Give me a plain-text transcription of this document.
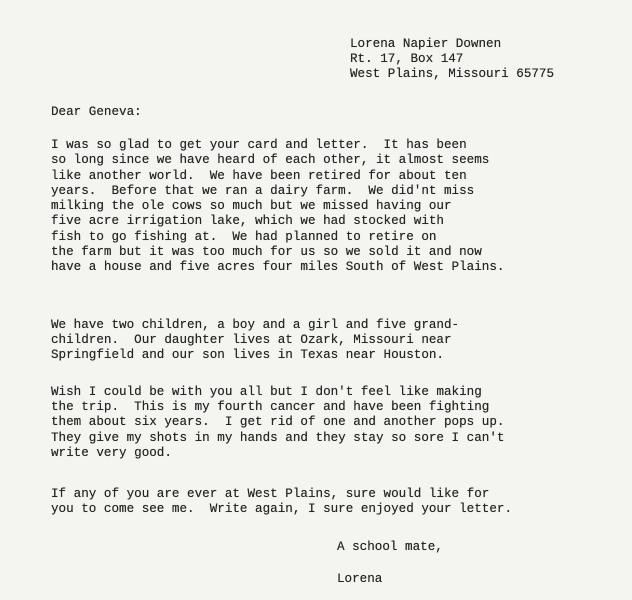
Lorena Napier Downen
Rt. 17, Box 147
West Plains, Missouri 65775
Dear Geneva:
I was so glad to get your card and letter.  It has been
so long since we have heard of each other, it almost seems
like another world.  We have been retired for about ten
years.  Before that we ran a dairy farm.  We did'nt miss
milking the ole cows so much but we missed having our
five acre irrigation lake, which we had stocked with
fish to go fishing at.  We had planned to retire on
the farm but it was too much for us so we sold it and now
have a house and five acres four miles South of West Plains.
We have two children, a boy and a girl and five grand-
children.  Our daughter lives at Ozark, Missouri near
Springfield and our son lives in Texas near Houston.
Wish I could be with you all but I don't feel like making
the trip.  This is my fourth cancer and have been fighting
them about six years.  I get rid of one and another pops up.
They give my shots in my hands and they stay so sore I can't
write very good.
If any of you are ever at West Plains, sure would like for
you to come see me.  Write again, I sure enjoyed your letter.
A school mate,
Lorena
